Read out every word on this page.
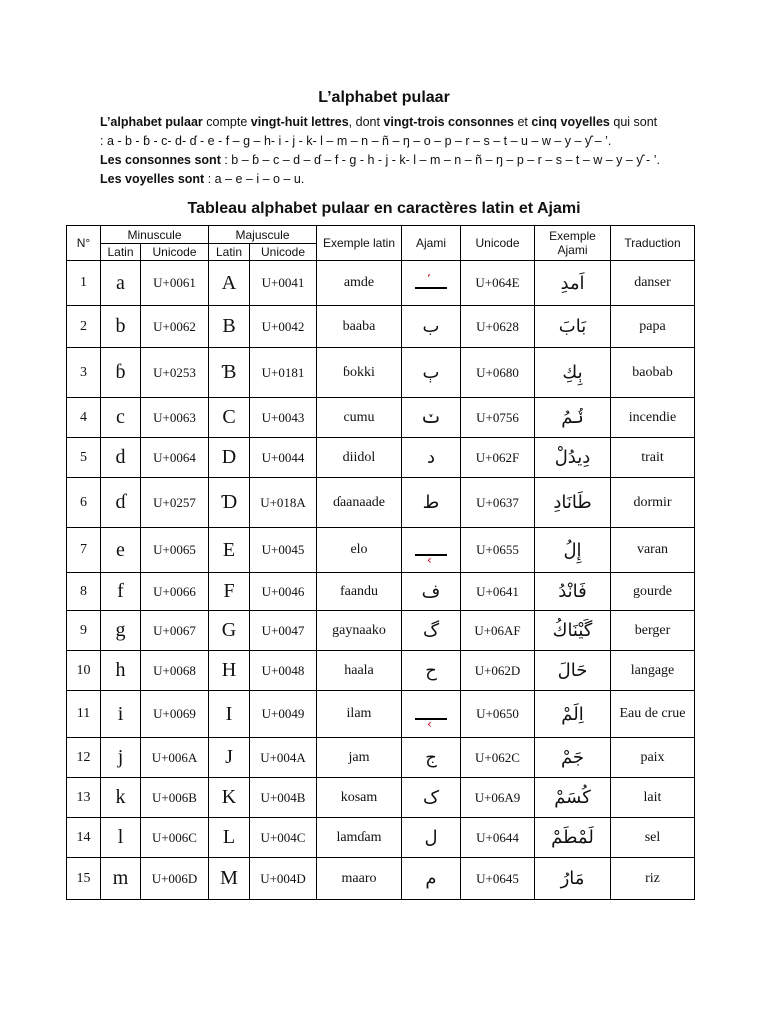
L’alphabet pulaar
L’alphabet pulaar compte vingt-huit lettres, dont vingt-trois consonnes et cinq voyelles qui sont
: a - b - ɓ - c- d- ɗ - e - f – g – h- i - j - k- l – m – n – ñ – ŋ – o – p – r – s – t – u – w – y – ƴ – ’.
Les consonnes sont : b – ɓ – c – d – ɗ – f - g - h - j - k- l – m – n – ñ – ŋ – p – r – s – t – w – y – ƴ - ’.
Les voyelles sont : a – e – i – o – u.
Tableau alphabet pulaar en caractères latin et Ajami
N°	Minuscule		Majuscule		Exemple latin	Ajami	Unicode	Exemple Ajami	Traduction
	Latin	Unicode	Latin	Unicode					
1	a	U+0061	A	U+0041	amde	’	U+064E	اَمدِ	danser
2	b	U+0062	B	U+0042	baaba	ب	U+0628	بَابَ	papa
3	ɓ	U+0253	Ɓ	U+0181	ɓokki	ٻ	U+0680	ٻِكِ	baobab
4	c	U+0063	C	U+0043	cumu	ݖ	U+0756	ݖُمُ	incendie
5	d	U+0064	D	U+0044	diidol	د	U+062F	دِيدُلْ	trait
6	ɗ	U+0257	Ɗ	U+018A	ɗaanaade	ط	U+0637	طَانَادِ	dormir
7	e	U+0065	E	U+0045	elo	‹	U+0655	إِلُ	varan
8	f	U+0066	F	U+0046	faandu	ف	U+0641	فَانْدُ	gourde
9	g	U+0067	G	U+0047	gaynaako	گ	U+06AF	گَيْنَاكُ	berger
10	h	U+0068	H	U+0048	haala	ح	U+062D	حَالَ	langage
11	i	U+0069	I	U+0049	ilam	‹	U+0650	اِلَمْ	Eau de crue
12	j	U+006A	J	U+004A	jam	ج	U+062C	جَمْ	paix
13	k	U+006B	K	U+004B	kosam	ک	U+06A9	کُسَمْ	lait
14	l	U+006C	L	U+004C	lamɗam	ل	U+0644	لَمْطَمْ	sel
15	m	U+006D	M	U+004D	maaro	م	U+0645	مَارُ	riz
